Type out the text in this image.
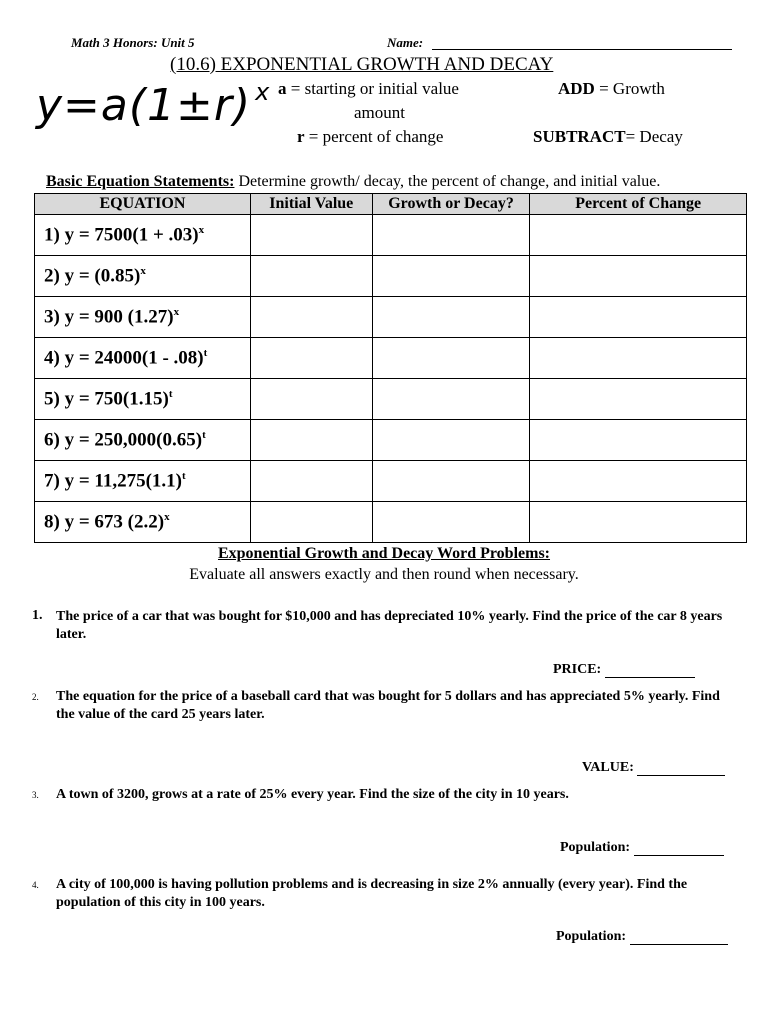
Math 3 Honors: Unit 5	Name:
(10.6) EXPONENTIAL GROWTH AND DECAY
y=a(1±r) $^x$ a = starting or initial value
amount
r = percent of change
ADD = Growth
SUBTRACT= Decay
Basic Equation Statements: Determine growth/ decay, the percent of change, and initial value.
EQUATION	Initial Value	Growth or Decay?	Percent of Change
1) $y = 7500(1 + .03)^x$			
2) $y = (0.85)^x$			
3) y = 900 $(1.27)^x$			
4) y = 24000(1 - .08)$^t$			
5) $y = 750(1.15)^t$			
6) $y = 250,000(0.65)^t$			
7) $y = 11,275(1.1)^t$			
8) y = 673 $(2.2)^x$			
Exponential Growth and Decay Word Problems:
Evaluate all answers exactly and then round when necessary.
1. The price of a car that was bought for $10,000 and has depreciated 10% yearly. Find the price of the car 8 years later.
PRICE:
2. The equation for the price of a baseball card that was bought for 5 dollars and has appreciated 5% yearly. Find the value of the card 25 years later.
VALUE:
3. A town of 3200, grows at a rate of 25% every year. Find the size of the city in 10 years.
Population:
4. A city of 100,000 is having pollution problems and is decreasing in size 2% annually (every year). Find the population of this city in 100 years.
Population:
